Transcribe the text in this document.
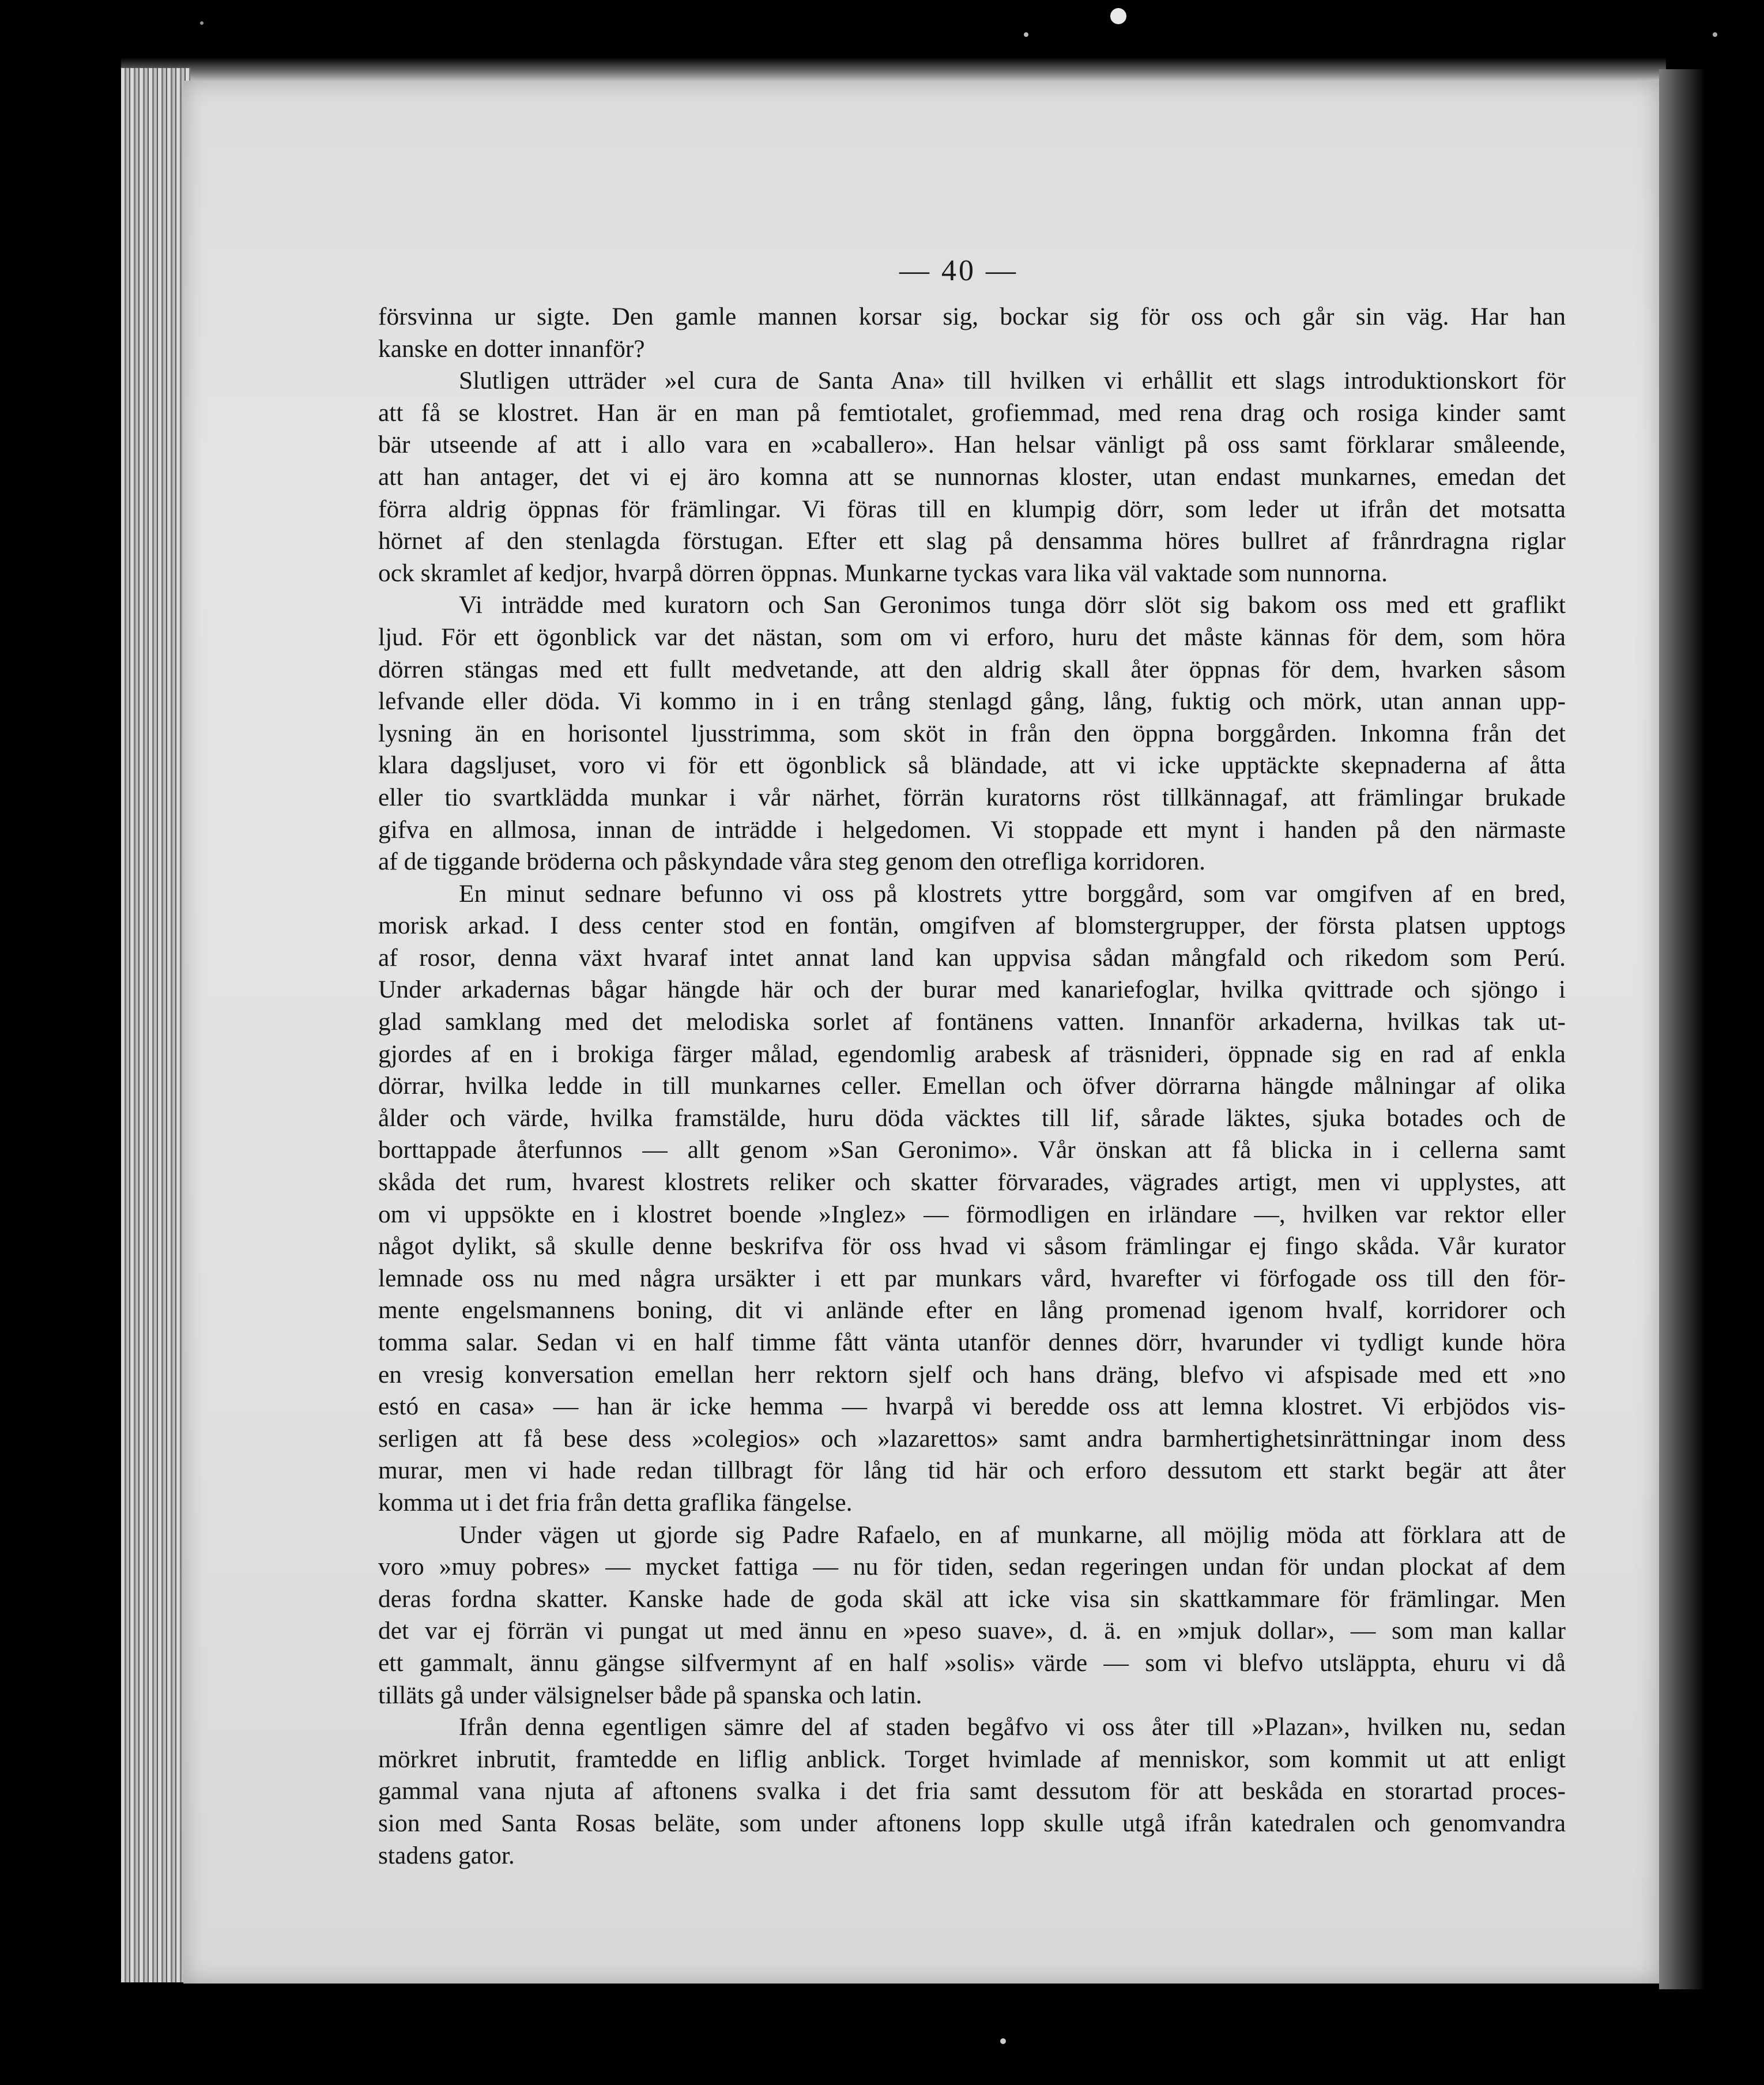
— 40 —

försvinna ur sigte. Den gamle mannen korsar sig, bockar sig för oss och går sin väg. Har han
kanske en dotter innanför?

Slutligen utträder »el cura de Santa Ana» till hvilken vi erhållit ett slags introduktionskort för
att få se klostret. Han är en man på femtiotalet, grofiemmad, med rena drag och rosiga kinder samt
bär utseende af att i allo vara en »caballero». Han helsar vänligt på oss samt förklarar småleende,
att han antager, det vi ej äro komna att se nunnornas kloster, utan endast munkarnes, emedan det
förra aldrig öppnas för främlingar. Vi föras till en klumpig dörr, som leder ut ifrån det motsatta
hörnet af den stenlagda förstugan. Efter ett slag på densamma höres bullret af frånrdragna riglar
ock skramlet af kedjor, hvarpå dörren öppnas. Munkarne tyckas vara lika väl vaktade som nunnorna.

Vi inträdde med kuratorn och San Geronimos tunga dörr slöt sig bakom oss med ett graflikt
ljud. För ett ögonblick var det nästan, som om vi erforo, huru det måste kännas för dem, som höra
dörren stängas med ett fullt medvetande, att den aldrig skall åter öppnas för dem, hvarken såsom
lefvande eller döda. Vi kommo in i en trång stenlagd gång, lång, fuktig och mörk, utan annan upp-
lysning än en horisontel ljusstrimma, som sköt in från den öppna borggården. Inkomna från det
klara dagsljuset, voro vi för ett ögonblick så bländade, att vi icke upptäckte skepnaderna af åtta
eller tio svartklädda munkar i vår närhet, förrän kuratorns röst tillkännagaf, att främlingar brukade
gifva en allmosa, innan de inträdde i helgedomen. Vi stoppade ett mynt i handen på den närmaste
af de tiggande bröderna och påskyndade våra steg genom den otrefliga korridoren.

En minut sednare befunno vi oss på klostrets yttre borggård, som var omgifven af en bred,
morisk arkad. I dess center stod en fontän, omgifven af blomstergrupper, der första platsen upptogs
af rosor, denna växt hvaraf intet annat land kan uppvisa sådan mångfald och rikedom som Perú.
Under arkadernas bågar hängde här och der burar med kanariefoglar, hvilka qvittrade och sjöngo i
glad samklang med det melodiska sorlet af fontänens vatten. Innanför arkaderna, hvilkas tak ut-
gjordes af en i brokiga färger målad, egendomlig arabesk af träsniderі, öppnade sig en rad af enkla
dörrar, hvilka ledde in till munkarnes celler. Emellan och öfver dörrarna hängde målningar af olika
ålder och värde, hvilka framstälde, huru döda väcktes till lif, sårade läktes, sjuka botades och de
borttappade återfunnos — allt genom »San Geronimo». Vår önskan att få blicka in i cellerna samt
skåda det rum, hvarest klostrets reliker och skatter förvarades, vägrades artigt, men vi upplystes, att
om vi uppsökte en i klostret boende »Inglez» — förmodligen en irländare —, hvilken var rektor eller
något dylikt, så skulle denne beskrifva för oss hvad vi såsom främlingar ej fingo skåda. Vår kurator
lemnade oss nu med några ursäkter i ett par munkars vård, hvarefter vi förfogade oss till den för-
mente engelsmannens boning, dit vi anlände efter en lång promenad igenom hvalf, korridorer och
tomma salar. Sedan vi en half timme fått vänta utanför dennes dörr, hvarunder vi tydligt kunde höra
en vresig konversation emellan herr rektorn sjelf och hans dräng, blefvo vi afspisade med ett »no
estó en casa» — han är icke hemma — hvarpå vi beredde oss att lemna klostret. Vi erbjödos vis-
serligen att få bese dess »colegios» och »lazarettos» samt andra barmhertighetsinrättningar inom dess
murar, men vi hade redan tillbragt för lång tid här och erforo dessutom ett starkt begär att åter
komma ut i det fria från detta graflika fängelse.

Under vägen ut gjorde sig Padre Rafaelo, en af munkarne, all möjlig möda att förklara att de
voro »muy pobres» — mycket fattiga — nu för tiden, sedan regeringen undan för undan plockat af dem
deras fordna skatter. Kanske hade de goda skäl att icke visa sin skattkammare för främlingar. Men
det var ej förrän vi pungat ut med ännu en »peso suave», d. ä. en »mjuk dollar», — som man kallar
ett gammalt, ännu gängse silfvermynt af en half »solis» värde — som vi blefvo utsläppta, ehuru vi då
tilläts gå under välsignelser både på spanska och latin.

Ifrån denna egentligen sämre del af staden begåfvo vi oss åter till »Plazan», hvilken nu, sedan
mörkret inbrutit, framtedde en liflig anblick. Torget hvimlade af menniskor, som kommit ut att enligt
gammal vana njuta af aftonens svalka i det fria samt dessutom för att beskåda en storartad proces-
sion med Santa Rosas beläte, som under aftonens lopp skulle utgå ifrån katedralen och genomvandra
stadens gator.
